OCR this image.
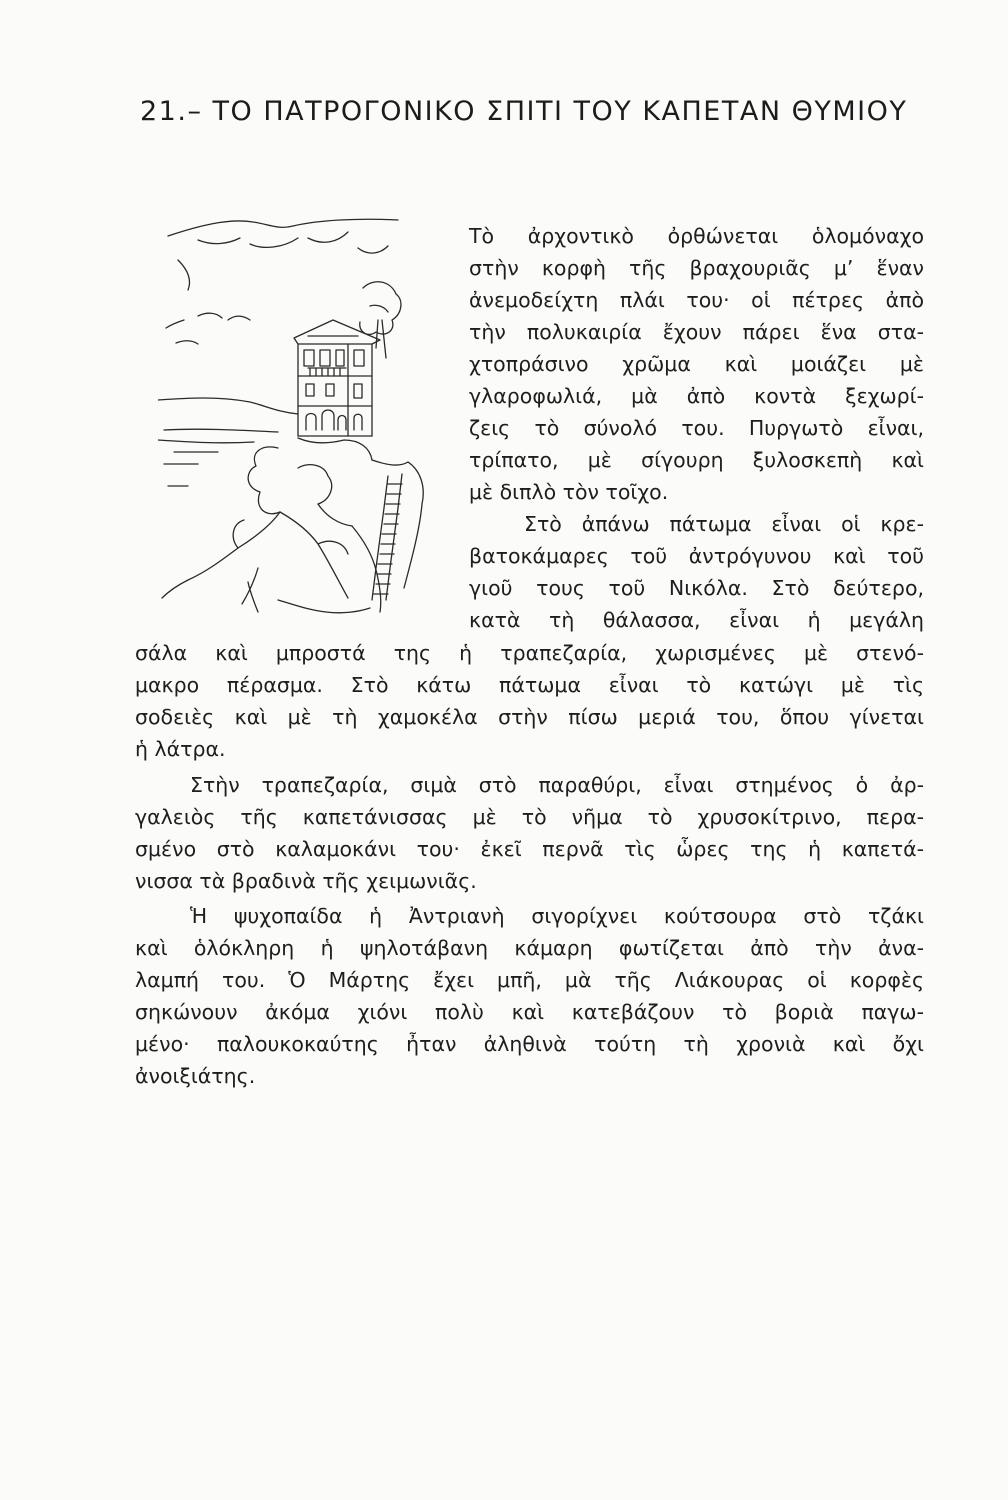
21.– ΤΟ ΠΑΤΡΟΓΟΝΙΚΟ ΣΠΙΤΙ ΤΟΥ ΚΑΠΕΤΑΝ ΘΥΜΙΟΥ
Τὸ ἀρχοντικὸ ὀρθώνεται ὁλομόναχο
στὴν κορφὴ τῆς βραχουριᾶς μ’ ἕναν
ἀνεμοδείχτη πλάι του· οἱ πέτρες ἀπὸ
τὴν πολυκαιρία ἔχουν πάρει ἕνα στα-
χτοπράσινο χρῶμα καὶ μοιάζει μὲ
γλαροφωλιά, μὰ ἀπὸ κοντὰ ξεχωρί-
ζεις τὸ σύνολό του. Πυργωτὸ εἶναι,
τρίπατο, μὲ σίγουρη ξυλοσκεπὴ καὶ
μὲ διπλὸ τὸν τοῖχο.
Στὸ ἀπάνω πάτωμα εἶναι οἱ κρε-
βατοκάμαρες τοῦ ἀντρόγυνου καὶ τοῦ
γιοῦ τους τοῦ Νικόλα. Στὸ δεύτερο,
κατὰ τὴ θάλασσα, εἶναι ἡ μεγάλη
σάλα καὶ μπροστά της ἡ τραπεζαρία, χωρισμένες μὲ στενό-
μακρο πέρασμα. Στὸ κάτω πάτωμα εἶναι τὸ κατώγι μὲ τὶς
σοδειὲς καὶ μὲ τὴ χαμοκέλα στὴν πίσω μεριά του, ὅπου γίνεται
ἡ λάτρα.
Στὴν τραπεζαρία, σιμὰ στὸ παραθύρι, εἶναι στημένος ὁ ἀρ-
γαλειὸς τῆς καπετάνισσας μὲ τὸ νῆμα τὸ χρυσοκίτρινο, περα-
σμένο στὸ καλαμοκάνι του· ἐκεῖ περνᾶ τὶς ὧρες της ἡ καπετά-
νισσα τὰ βραδινὰ τῆς χειμωνιᾶς.
Ἡ ψυχοπαίδα ἡ Ἀντριανὴ σιγορίχνει κούτσουρα στὸ τζάκι
καὶ ὁλόκληρη ἡ ψηλοτάβανη κάμαρη φωτίζεται ἀπὸ τὴν ἀνα-
λαμπή του. Ὁ Μάρτης ἔχει μπῆ, μὰ τῆς Λιάκουρας οἱ κορφὲς
σηκώνουν ἀκόμα χιόνι πολὺ καὶ κατεβάζουν τὸ βοριὰ παγω-
μένο· παλουκοκαύτης ἦταν ἀληθινὰ τούτη τὴ χρονιὰ καὶ ὄχι
ἀνοιξιάτης.
